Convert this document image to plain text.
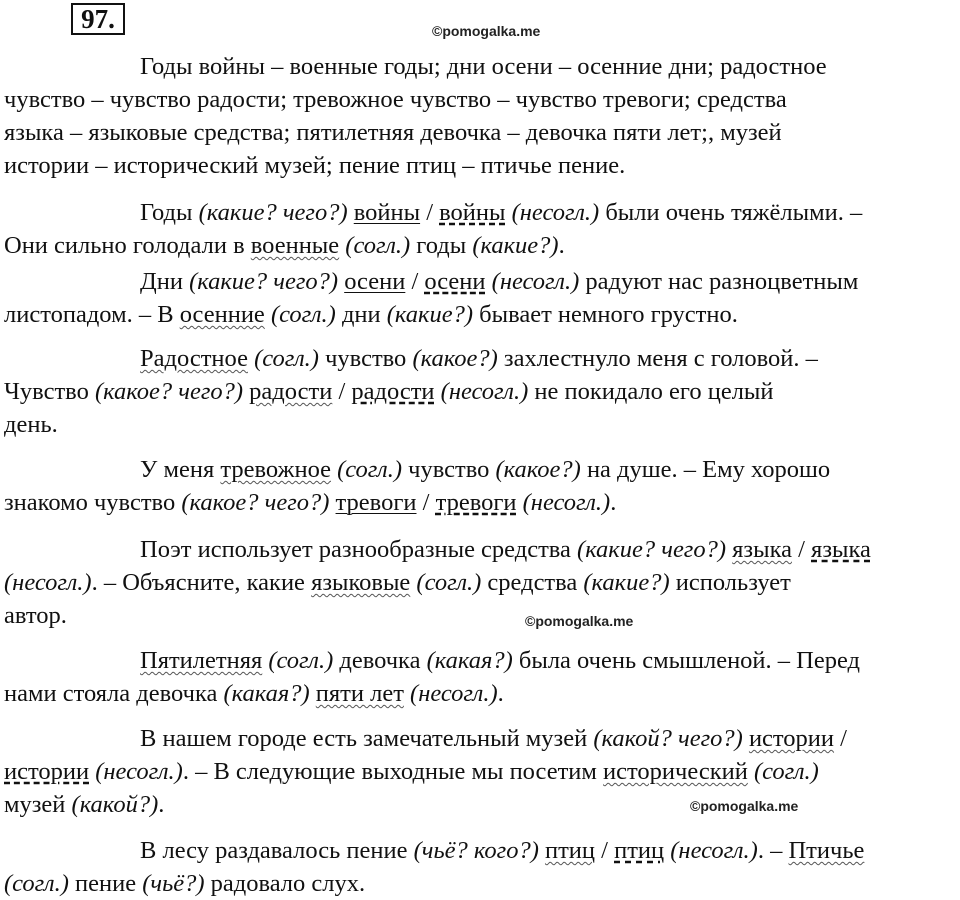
97.	©pomogalka.me
©pomogalka.me
©pomogalka.me
Годы войны – военные годы; дни осени – осенние дни; радостное
чувство – чувство радости; тревожное чувство – чувство тревоги; средства
языка – языковые средства; пятилетняя девочка – девочка пяти лет;, музей
истории – исторический музей; пение птиц – птичье пение.
Годы (какие? чего?) войны / войны (несогл.) были очень тяжёлыми. –
Они сильно голодали в военные (согл.) годы (какие?).
Дни (какие? чего?) осени / осени (несогл.) радуют нас разноцветным
листопадом. – В осенние (согл.) дни (какие?) бывает немного грустно.
Радостное (согл.) чувство (какое?) захлестнуло меня с головой. –
Чувство (какое? чего?) радости / радости (несогл.) не покидало его целый
день.
У меня тревожное (согл.) чувство (какое?) на душе. – Ему хорошо
знакомо чувство (какое? чего?) тревоги / тревоги (несогл.).
Поэт использует разнообразные средства (какие? чего?) языка / языка
(несогл.). – Объясните, какие языковые (согл.) средства (какие?) использует
автор.
Пятилетняя (согл.) девочка (какая?) была очень смышленой. – Перед
нами стояла девочка (какая?) пяти лет (несогл.).
В нашем городе есть замечательный музей (какой? чего?) истории /
истории (несогл.). – В следующие выходные мы посетим исторический (согл.)
музей (какой?).
В лесу раздавалось пение (чьё? кого?) птиц / птиц (несогл.). – Птичье
(согл.) пение (чьё?) радовало слух.
